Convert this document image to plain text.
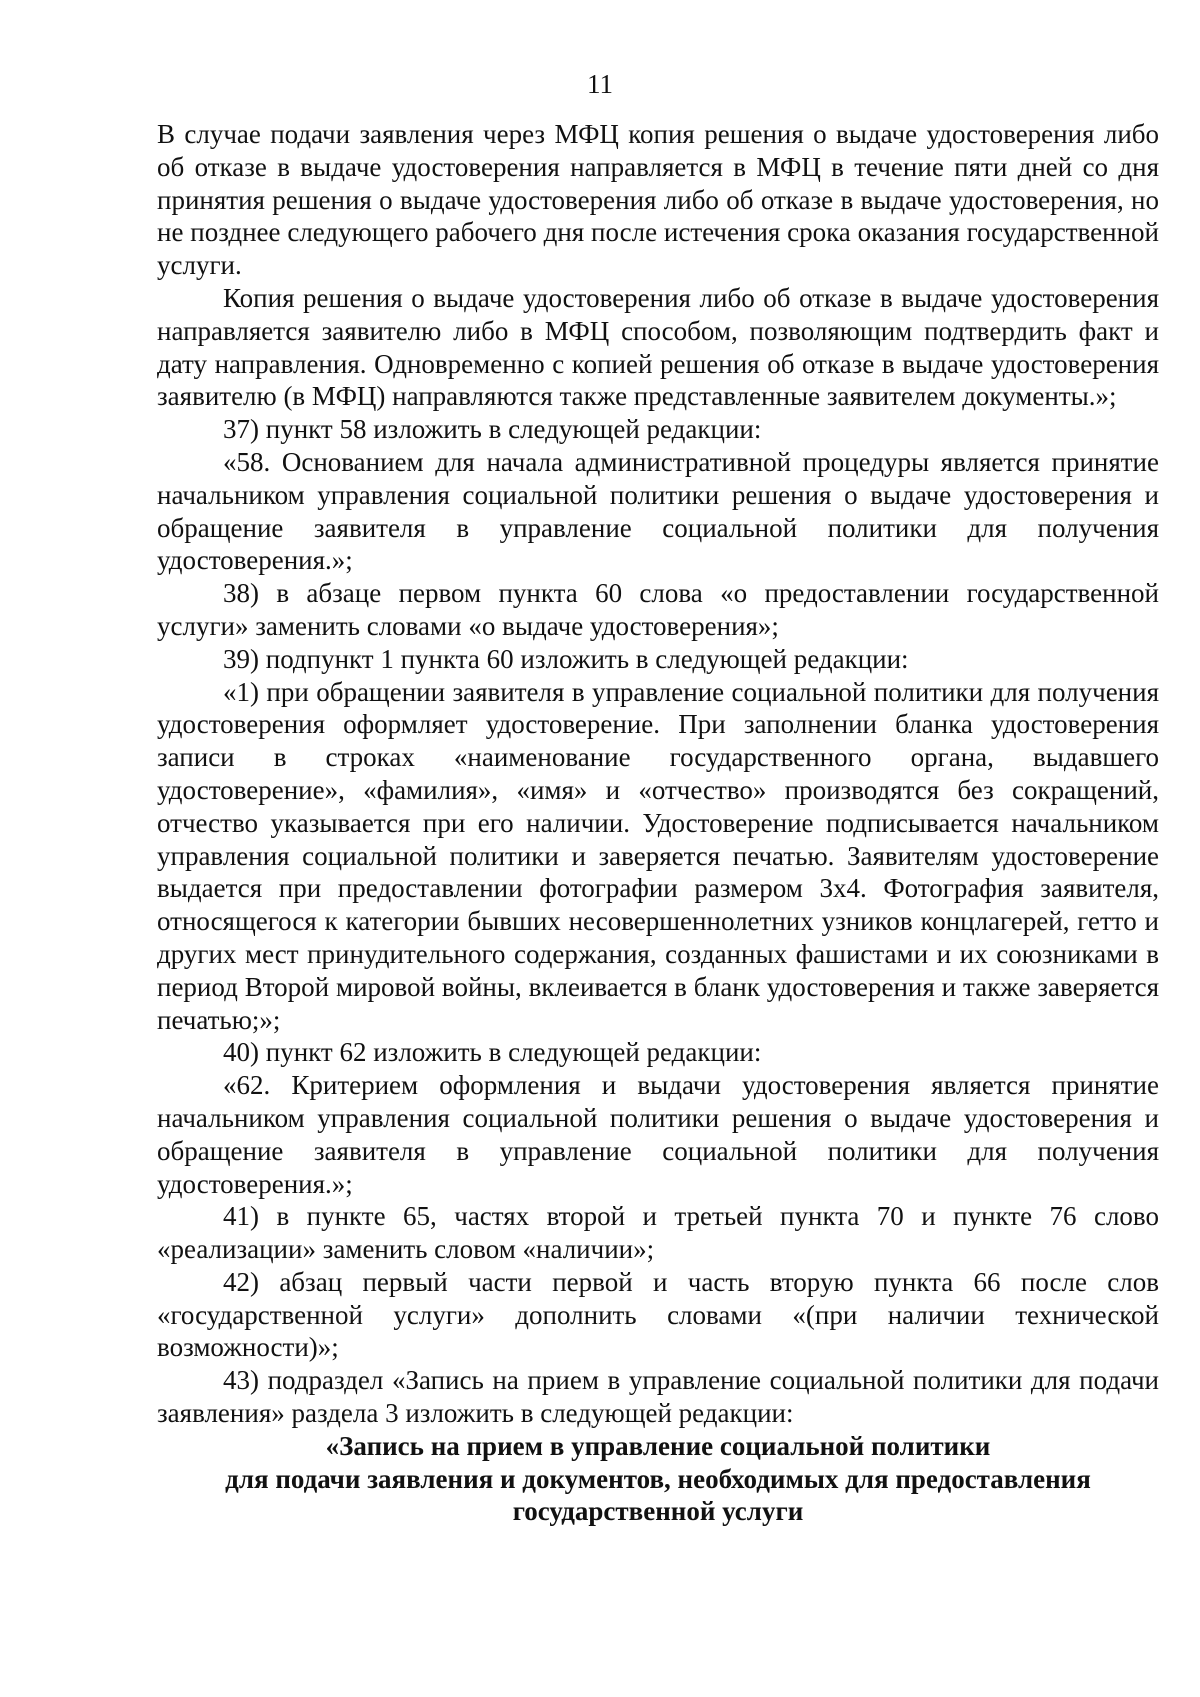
11

В случае подачи заявления через МФЦ копия решения о выдаче удостоверения либо об отказе в выдаче удостоверения направляется в МФЦ в течение пяти дней со дня принятия решения о выдаче удостоверения либо об отказе в выдаче удостоверения, но не позднее следующего рабочего дня после истечения срока оказания государственной услуги.

Копия решения о выдаче удостоверения либо об отказе в выдаче удостоверения направляется заявителю либо в МФЦ способом, позволяющим подтвердить факт и дату направления. Одновременно с копией решения об отказе в выдаче удостоверения заявителю (в МФЦ) направляются также представленные заявителем документы.»;

37) пункт 58 изложить в следующей редакции:

«58. Основанием для начала административной процедуры является принятие начальником управления социальной политики решения о выдаче удостоверения и обращение заявителя в управление социальной политики для получения удостоверения.»;

38) в абзаце первом пункта 60 слова «о предоставлении государственной услуги» заменить словами «о выдаче удостоверения»;

39) подпункт 1 пункта 60 изложить в следующей редакции:

«1) при обращении заявителя в управление социальной политики для получения удостоверения оформляет удостоверение. При заполнении бланка удостоверения записи в строках «наименование государственного органа, выдавшего удостоверение», «фамилия», «имя» и «отчество» производятся без сокращений, отчество указывается при его наличии. Удостоверение подписывается начальником управления социальной политики и заверяется печатью. Заявителям удостоверение выдается при предоставлении фотографии размером 3х4. Фотография заявителя, относящегося к категории бывших несовершеннолетних узников концлагерей, гетто и других мест принудительного содержания, созданных фашистами и их союзниками в период Второй мировой войны, вклеивается в бланк удостоверения и также заверяется печатью;»;

40) пункт 62 изложить в следующей редакции:

«62. Критерием оформления и выдачи удостоверения является принятие начальником управления социальной политики решения о выдаче удостоверения и обращение заявителя в управление социальной политики для получения удостоверения.»;

41) в пункте 65, частях второй и третьей пункта 70 и пункте 76 слово «реализации» заменить словом «наличии»;

42) абзац первый части первой и часть вторую пункта 66 после слов «государственной услуги» дополнить словами «(при наличии технической возможности)»;

43) подраздел «Запись на прием в управление социальной политики для подачи заявления» раздела 3 изложить в следующей редакции:

«Запись на прием в управление социальной политики

для подачи заявления и документов, необходимых для предоставления

государственной услуги
